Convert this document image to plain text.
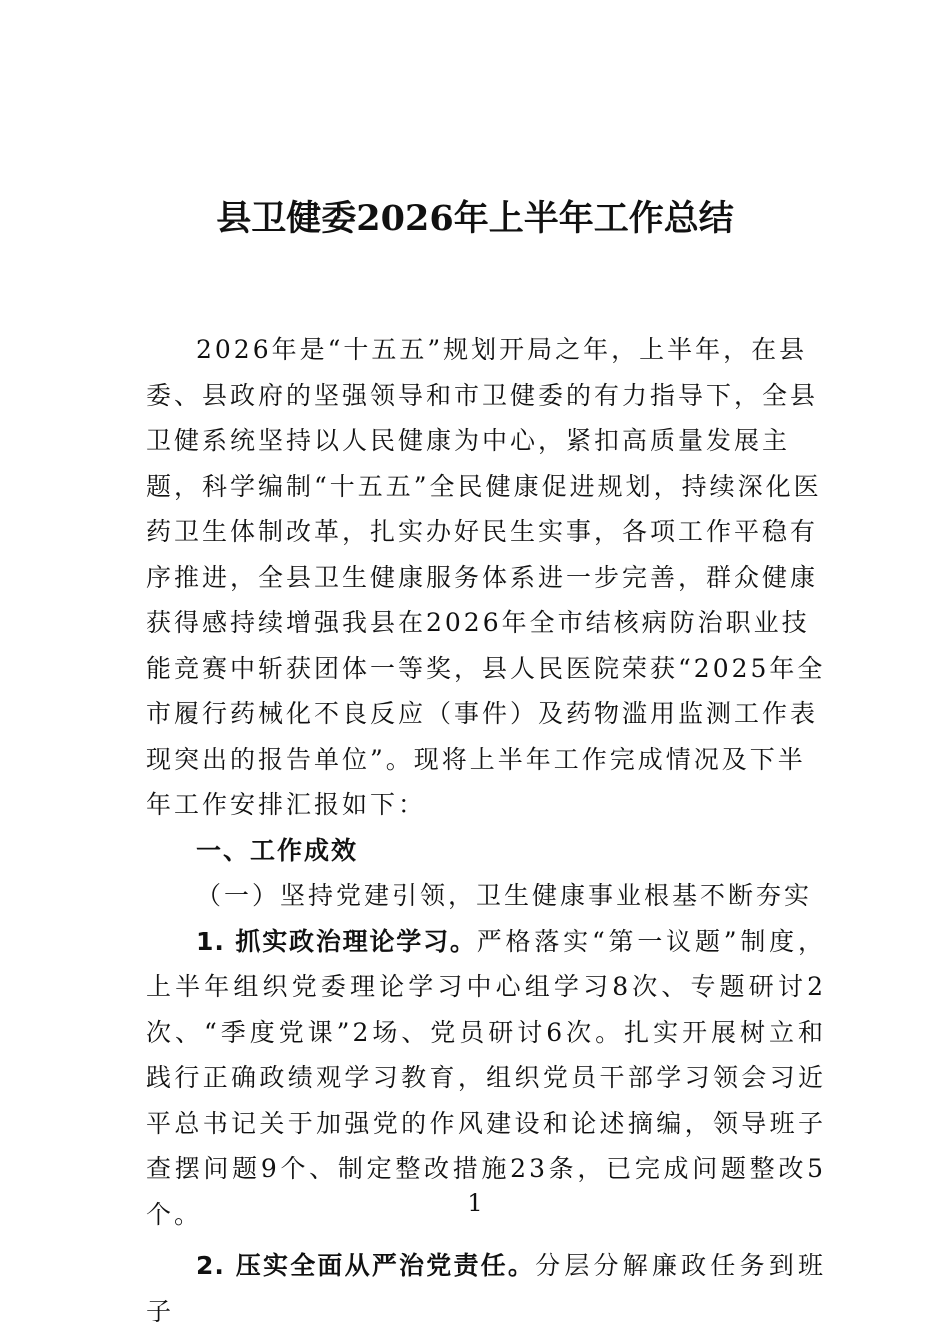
县卫健委2026年上半年工作总结

2026年是“十五五”规划开局之年，上半年，在县委、县政府的坚强领导和市卫健委的有力指导下，全县卫健系统坚持以人民健康为中心，紧扣高质量发展主题，科学编制“十五五”全民健康促进规划，持续深化医药卫生体制改革，扎实办好民生实事，各项工作平稳有序推进，全县卫生健康服务体系进一步完善，群众健康获得感持续增强我县在2026年全市结核病防治职业技能竞赛中斩获团体一等奖，县人民医院荣获“2025年全市履行药械化不良反应（事件）及药物滥用监测工作表现突出的报告单位”。现将上半年工作完成情况及下半年工作安排汇报如下：

一、工作成效

（一）坚持党建引领，卫生健康事业根基不断夯实

1. 抓实政治理论学习。严格落实“第一议题”制度，上半年组织党委理论学习中心组学习8次、专题研讨2次、“季度党课”2场、党员研讨6次。扎实开展树立和践行正确政绩观学习教育，组织党员干部学习领会习近平总书记关于加强党的作风建设和论述摘编，领导班子查摆问题9个、制定整改措施23条，已完成问题整改5个。

2. 压实全面从严治党责任。分层分解廉政任务到班子

1
